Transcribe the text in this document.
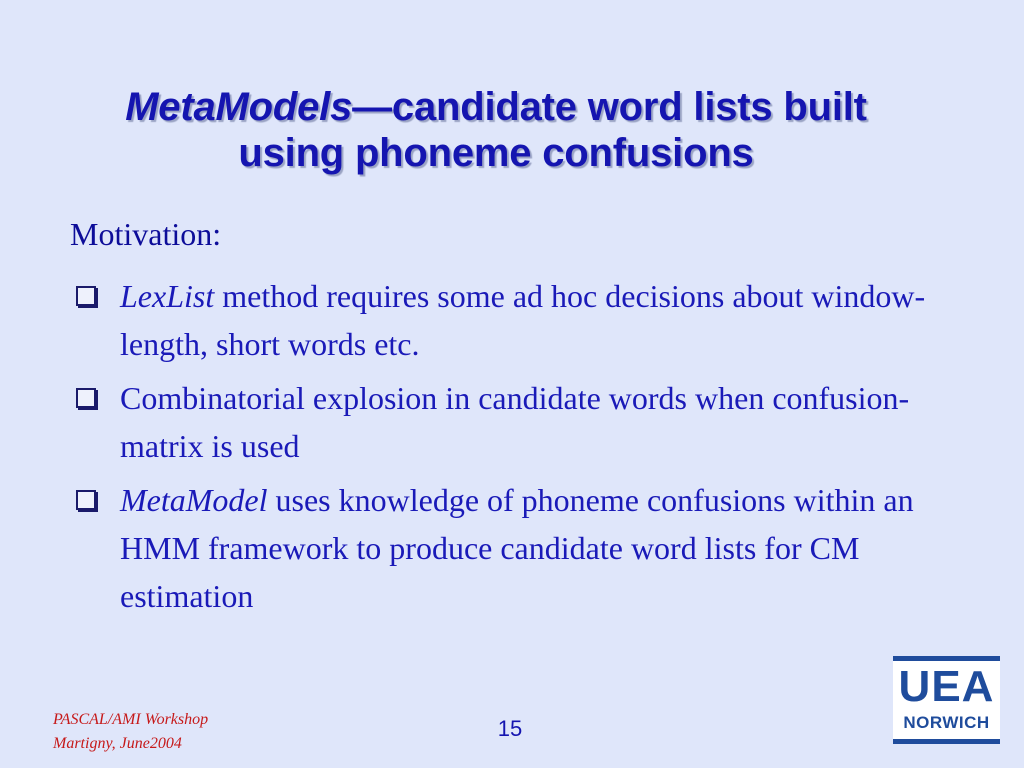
MetaModels—candidate word lists built
using phoneme confusions
Motivation:
LexList method requires some ad hoc decisions about window-length, short words etc.
Combinatorial explosion in candidate words when confusion-matrix is used
MetaModel uses knowledge of phoneme confusions within an HMM framework to produce candidate word lists for CM estimation
PASCAL/AMI Workshop
Martigny, June2004
15
UEA
NORWICH
